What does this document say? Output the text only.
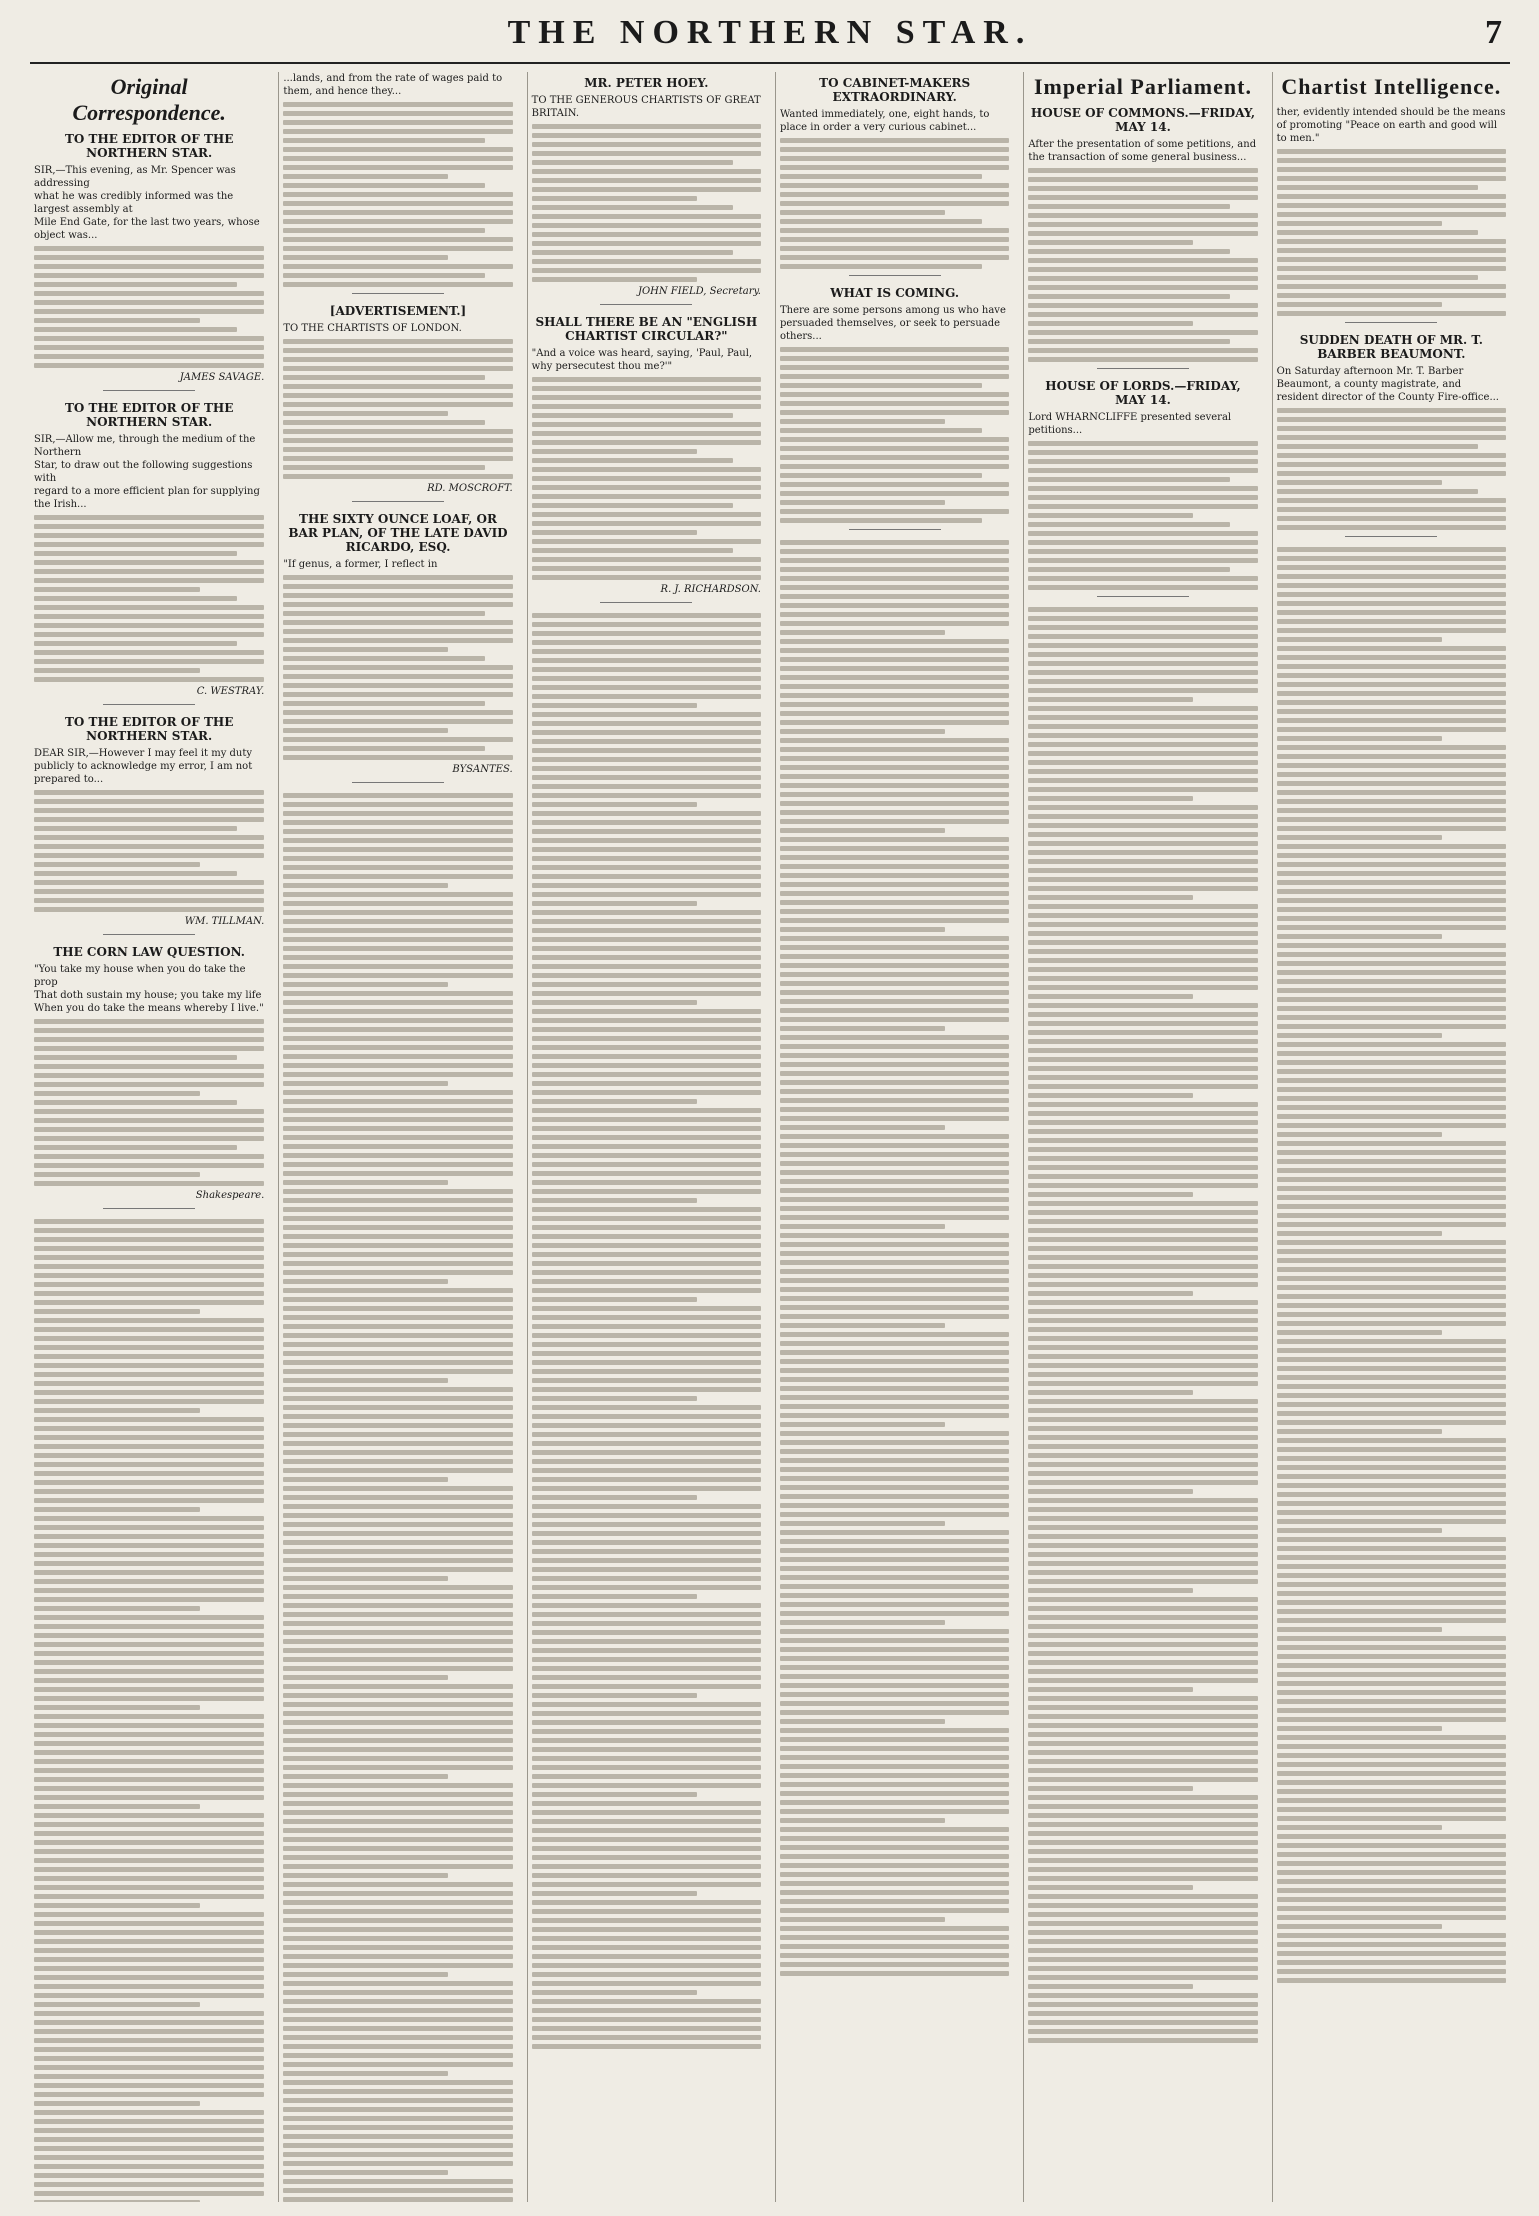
THE NORTHERN STAR.	7
Original Correspondence.
TO THE EDITOR OF THE NORTHERN STAR.
SIR,—This evening, as Mr. Spencer was addressing
what he was credibly informed was the largest assembly at
Mile End Gate, for the last two years, whose
object was...
JAMES SAVAGE.
TO THE EDITOR OF THE NORTHERN STAR.
SIR,—Allow me, through the medium of the Northern
Star, to draw out the following suggestions with
regard to a more efficient plan for supplying the Irish...
C. WESTRAY.
TO THE EDITOR OF THE NORTHERN STAR.
DEAR SIR,—However I may feel it my duty publicly to acknowledge my error, I am not prepared to...
WM. TILLMAN.
THE CORN LAW QUESTION.
"You take my house when you do take the prop
That doth sustain my house; you take my life
When you do take the means whereby I live."
Shakespeare.
...lands, and from the rate of wages paid to
them, and hence they...
[ADVERTISEMENT.]
TO THE CHARTISTS OF LONDON.
RD. MOSCROFT.
THE SIXTY OUNCE LOAF, OR BAR PLAN, OF THE LATE DAVID RICARDO, ESQ.
"If genus, a former, I reflect in
BYSANTES.
MR. PETER HOEY.
TO THE GENEROUS CHARTISTS OF GREAT BRITAIN.
JOHN FIELD, Secretary.
SHALL THERE BE AN "ENGLISH CHARTIST CIRCULAR?"
"And a voice was heard, saying, 'Paul, Paul, why persecutest thou me?'"
R. J. RICHARDSON.
TO CABINET-MAKERS EXTRAORDINARY.
Wanted immediately, one, eight hands, to place in order a very curious cabinet...
WHAT IS COMING.
There are some persons among us who have persuaded themselves, or seek to persuade others...
Imperial Parliament.
HOUSE OF COMMONS.—FRIDAY, MAY 14.
After the presentation of some petitions, and the transaction of some general business...
HOUSE OF LORDS.—FRIDAY, MAY 14.
Lord WHARNCLIFFE presented several petitions...
Chartist Intelligence.
ther, evidently intended should be the means of promoting "Peace on earth and good will to men."
SUDDEN DEATH OF MR. T. BARBER BEAUMONT.
On Saturday afternoon Mr. T. Barber Beaumont, a county magistrate, and resident director of the County Fire-office...
